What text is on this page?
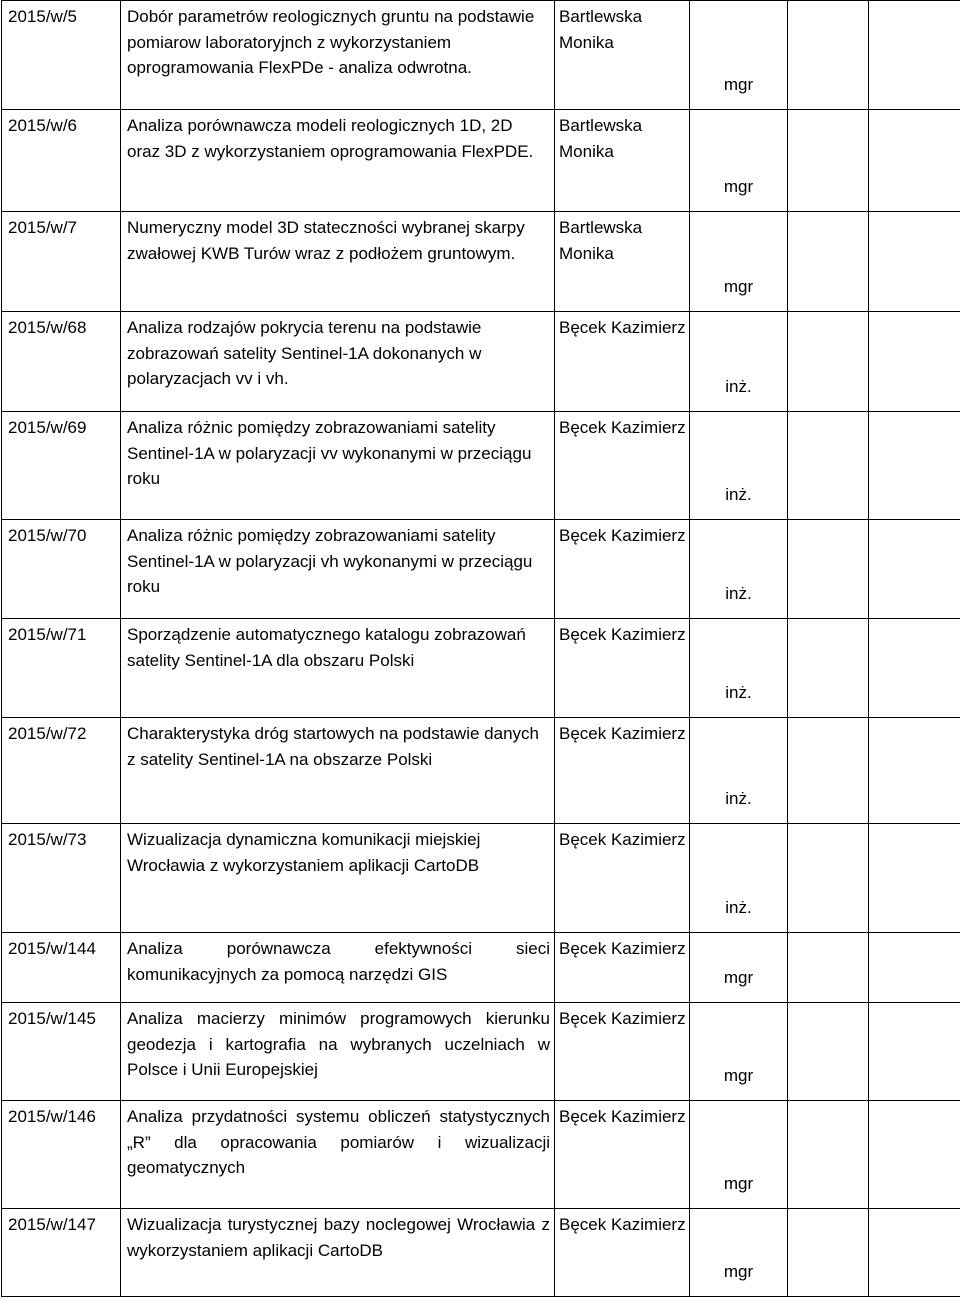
2015/w/5	Dobór parametrów reologicznych gruntu na podstawie pomiarow laboratoryjnch z wykorzystaniem oprogramowania FlexPDe - analiza odwrotna.	Bartlewska Monika	mgr		
2015/w/6	Analiza porównawcza modeli reologicznych 1D, 2D oraz 3D z wykorzystaniem oprogramowania FlexPDE.	Bartlewska Monika	mgr		
2015/w/7	Numeryczny model 3D stateczności wybranej skarpy zwałowej KWB Turów wraz z podłożem gruntowym.	Bartlewska Monika	mgr		
2015/w/68	Analiza rodzajów pokrycia terenu na podstawie zobrazowań satelity Sentinel-1A dokonanych w polaryzacjach vv i vh.	Bęcek Kazimierz	inż.		
2015/w/69	Analiza różnic pomiędzy zobrazowaniami satelity Sentinel-1A w polaryzacji vv wykonanymi w przeciągu roku	Bęcek Kazimierz	inż.		
2015/w/70	Analiza różnic pomiędzy zobrazowaniami satelity Sentinel-1A w polaryzacji vh wykonanymi w przeciągu roku	Bęcek Kazimierz	inż.		
2015/w/71	Sporządzenie automatycznego katalogu zobrazowań satelity Sentinel-1A dla obszaru Polski	Bęcek Kazimierz	inż.		
2015/w/72	Charakterystyka dróg startowych na podstawie danych z satelity Sentinel-1A na obszarze Polski	Bęcek Kazimierz	inż.		
2015/w/73	Wizualizacja dynamiczna komunikacji miejskiej Wrocławia z wykorzystaniem aplikacji CartoDB	Bęcek Kazimierz	inż.		
2015/w/144	Analiza porównawcza efektywności sieci komunikacyjnych za pomocą narzędzi GIS	Bęcek Kazimierz	mgr		
2015/w/145	Analiza macierzy minimów programowych kierunku geodezja i kartografia na wybranych uczelniach w Polsce i Unii Europejskiej	Bęcek Kazimierz	mgr		
2015/w/146	Analiza przydatności systemu obliczeń statystycznych „R” dla opracowania pomiarów i wizualizacji geomatycznych	Bęcek Kazimierz	mgr		
2015/w/147	Wizualizacja turystycznej bazy noclegowej Wrocławia z wykorzystaniem aplikacji CartoDB	Bęcek Kazimierz	mgr		
